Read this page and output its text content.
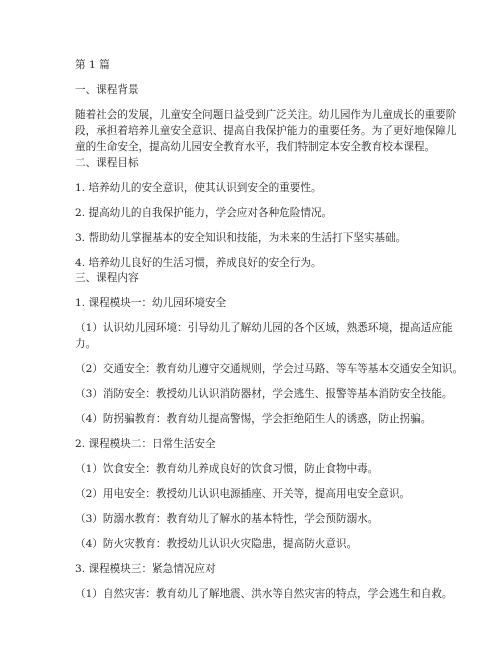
第 1 篇
一、课程背景
随着社会的发展，儿童安全问题日益受到广泛关注。幼儿园作为儿童成长的重要阶
段，承担着培养儿童安全意识、提高自我保护能力的重要任务。为了更好地保障儿
童的生命安全，提高幼儿园安全教育水平，我们特制定本安全教育校本课程。
二、课程目标
1. 培养幼儿的安全意识，使其认识到安全的重要性。
2. 提高幼儿的自我保护能力，学会应对各种危险情况。
3. 帮助幼儿掌握基本的安全知识和技能，为未来的生活打下坚实基础。
4. 培养幼儿良好的生活习惯，养成良好的安全行为。
三、课程内容
1. 课程模块一：幼儿园环境安全
（1）认识幼儿园环境：引导幼儿了解幼儿园的各个区域，熟悉环境，提高适应能
力。
（2）交通安全：教育幼儿遵守交通规则，学会过马路、等车等基本交通安全知识。
（3）消防安全：教授幼儿认识消防器材，学会逃生、报警等基本消防安全技能。
（4）防拐骗教育：教育幼儿提高警惕，学会拒绝陌生人的诱惑，防止拐骗。
2. 课程模块二：日常生活安全
（1）饮食安全：教育幼儿养成良好的饮食习惯，防止食物中毒。
（2）用电安全：教授幼儿认识电源插座、开关等，提高用电安全意识。
（3）防溺水教育：教育幼儿了解水的基本特性，学会预防溺水。
（4）防火灾教育：教授幼儿认识火灾隐患，提高防火意识。
3. 课程模块三：紧急情况应对
（1）自然灾害：教育幼儿了解地震、洪水等自然灾害的特点，学会逃生和自救。
